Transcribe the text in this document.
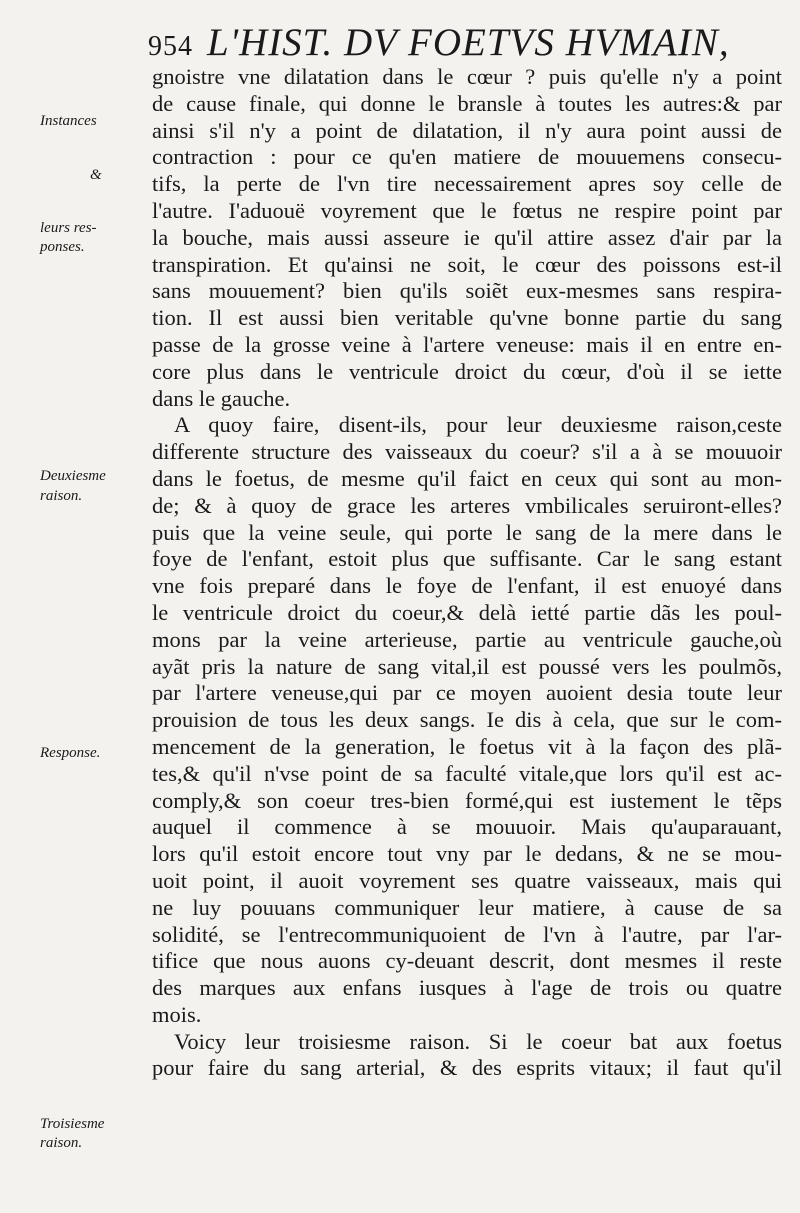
954 L'HIST. DV FOETVS HVMAIN,
Instances
&
leurs res-
ponses.
Deuxiesme
raison.
Response.
Troisiesme
raison.
gnoistre vne dilatation dans le cœur ? puis qu'elle n'y a point
de cause finale, qui donne le bransle à toutes les autres:& par
ainsi s'il n'y a point de dilatation, il n'y aura point aussi de
contraction : pour ce qu'en matiere de mouuemens consecu-
tifs, la perte de l'vn tire necessairement apres soy celle de
l'autre. I'aduouë voyrement que le fœtus ne respire point par
la bouche, mais aussi asseure ie qu'il attire assez d'air par la
transpiration. Et qu'ainsi ne soit, le cœur des poissons est-il
sans mouuement? bien qu'ils soiẽt eux-mesmes sans respira-
tion. Il est aussi bien veritable qu'vne bonne partie du sang
passe de la grosse veine à l'artere veneuse: mais il en entre en-
core plus dans le ventricule droict du cœur, d'où il se iette
dans le gauche.
A quoy faire, disent-ils, pour leur deuxiesme raison,ceste
differente structure des vaisseaux du coeur? s'il a à se mouuoir
dans le foetus, de mesme qu'il faict en ceux qui sont au mon-
de; & à quoy de grace les arteres vmbilicales seruiront-elles?
puis que la veine seule, qui porte le sang de la mere dans le
foye de l'enfant, estoit plus que suffisante. Car le sang estant
vne fois preparé dans le foye de l'enfant, il est enuoyé dans
le ventricule droict du coeur,& delà ietté partie dãs les poul-
mons par la veine arterieuse, partie au ventricule gauche,où
ayãt pris la nature de sang vital,il est poussé vers les poulmõs,
par l'artere veneuse,qui par ce moyen auoient desia toute leur
prouision de tous les deux sangs. Ie dis à cela, que sur le com-
mencement de la generation, le foetus vit à la façon des plã-
tes,& qu'il n'vse point de sa faculté vitale,que lors qu'il est ac-
comply,& son coeur tres-bien formé,qui est iustement le tẽps
auquel il commence à se mouuoir. Mais qu'auparauant,
lors qu'il estoit encore tout vny par le dedans, & ne se mou-
uoit point, il auoit voyrement ses quatre vaisseaux, mais qui
ne luy pouuans communiquer leur matiere, à cause de sa
solidité, se l'entrecommuniquoient de l'vn à l'autre, par l'ar-
tifice que nous auons cy-deuant descrit, dont mesmes il reste
des marques aux enfans iusques à l'age de trois ou quatre
mois.
Voicy leur troisiesme raison. Si le coeur bat aux foetus
pour faire du sang arterial, & des esprits vitaux; il faut qu'il
